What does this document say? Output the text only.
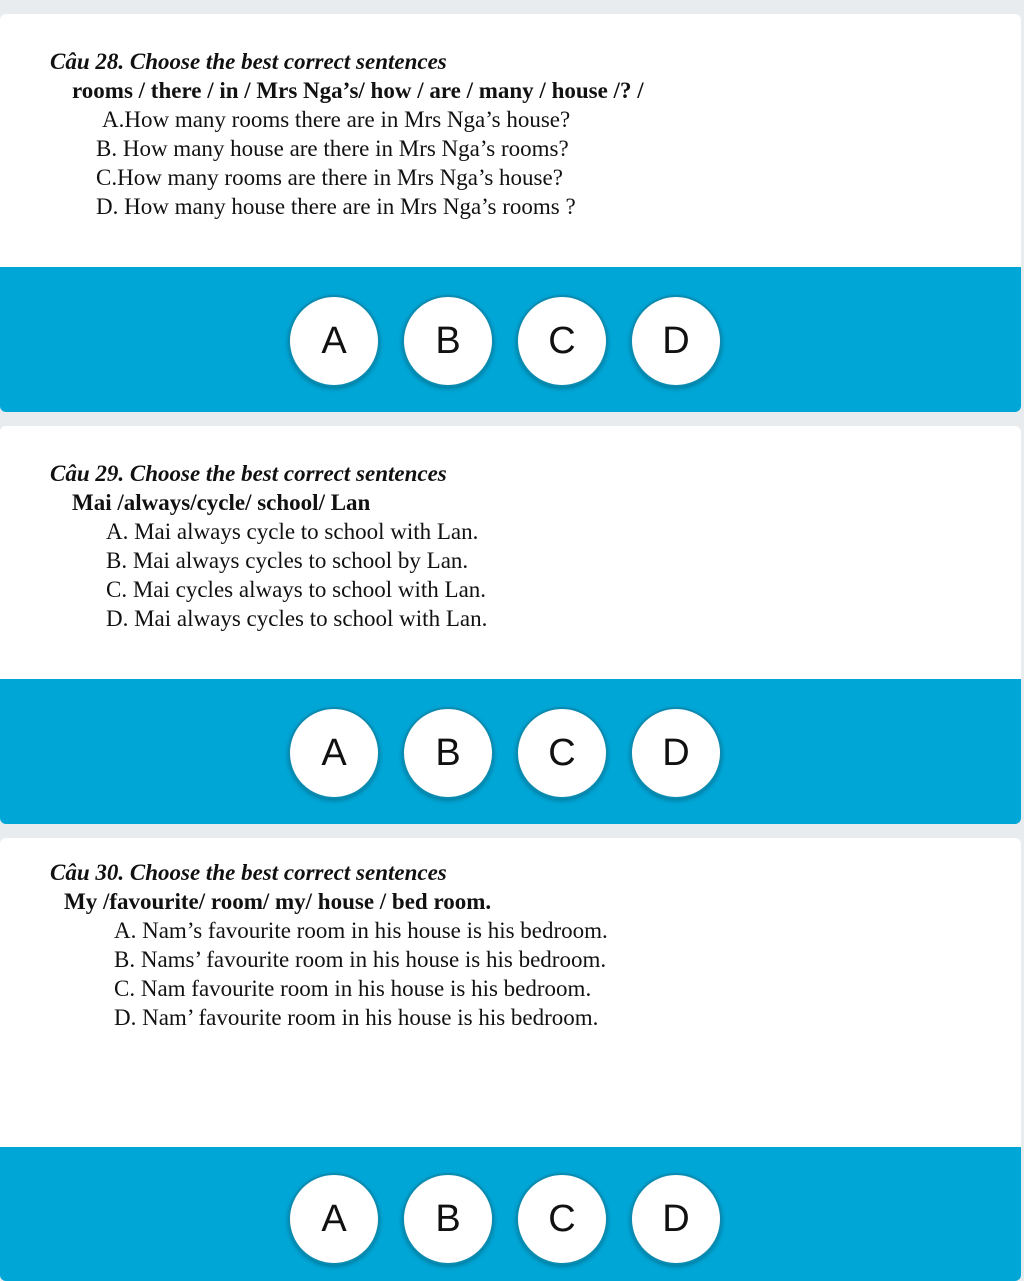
Câu 28. Choose the best correct sentences
rooms / there / in / Mrs Nga’s/ how / are / many / house /? /
A.How many rooms there are in Mrs Nga’s house?
B. How many house are there in Mrs Nga’s rooms?
C.How many rooms are there in Mrs Nga’s house?
D. How many house there are in Mrs Nga’s rooms ?
A	B	C	D
Câu 29. Choose the best correct sentences
Mai /always/cycle/ school/ Lan
A. Mai always cycle to school with Lan.
B. Mai always cycles to school by Lan.
C. Mai cycles always to school with Lan.
D. Mai always cycles to school with Lan.
A	B	C	D
Câu 30. Choose the best correct sentences
My /favourite/ room/ my/ house / bed room.
A. Nam’s favourite room in his house is his bedroom.
B. Nams’ favourite room in his house is his bedroom.
C. Nam favourite room in his house is his bedroom.
D. Nam’ favourite room in his house is his bedroom.
A	B	C	D
